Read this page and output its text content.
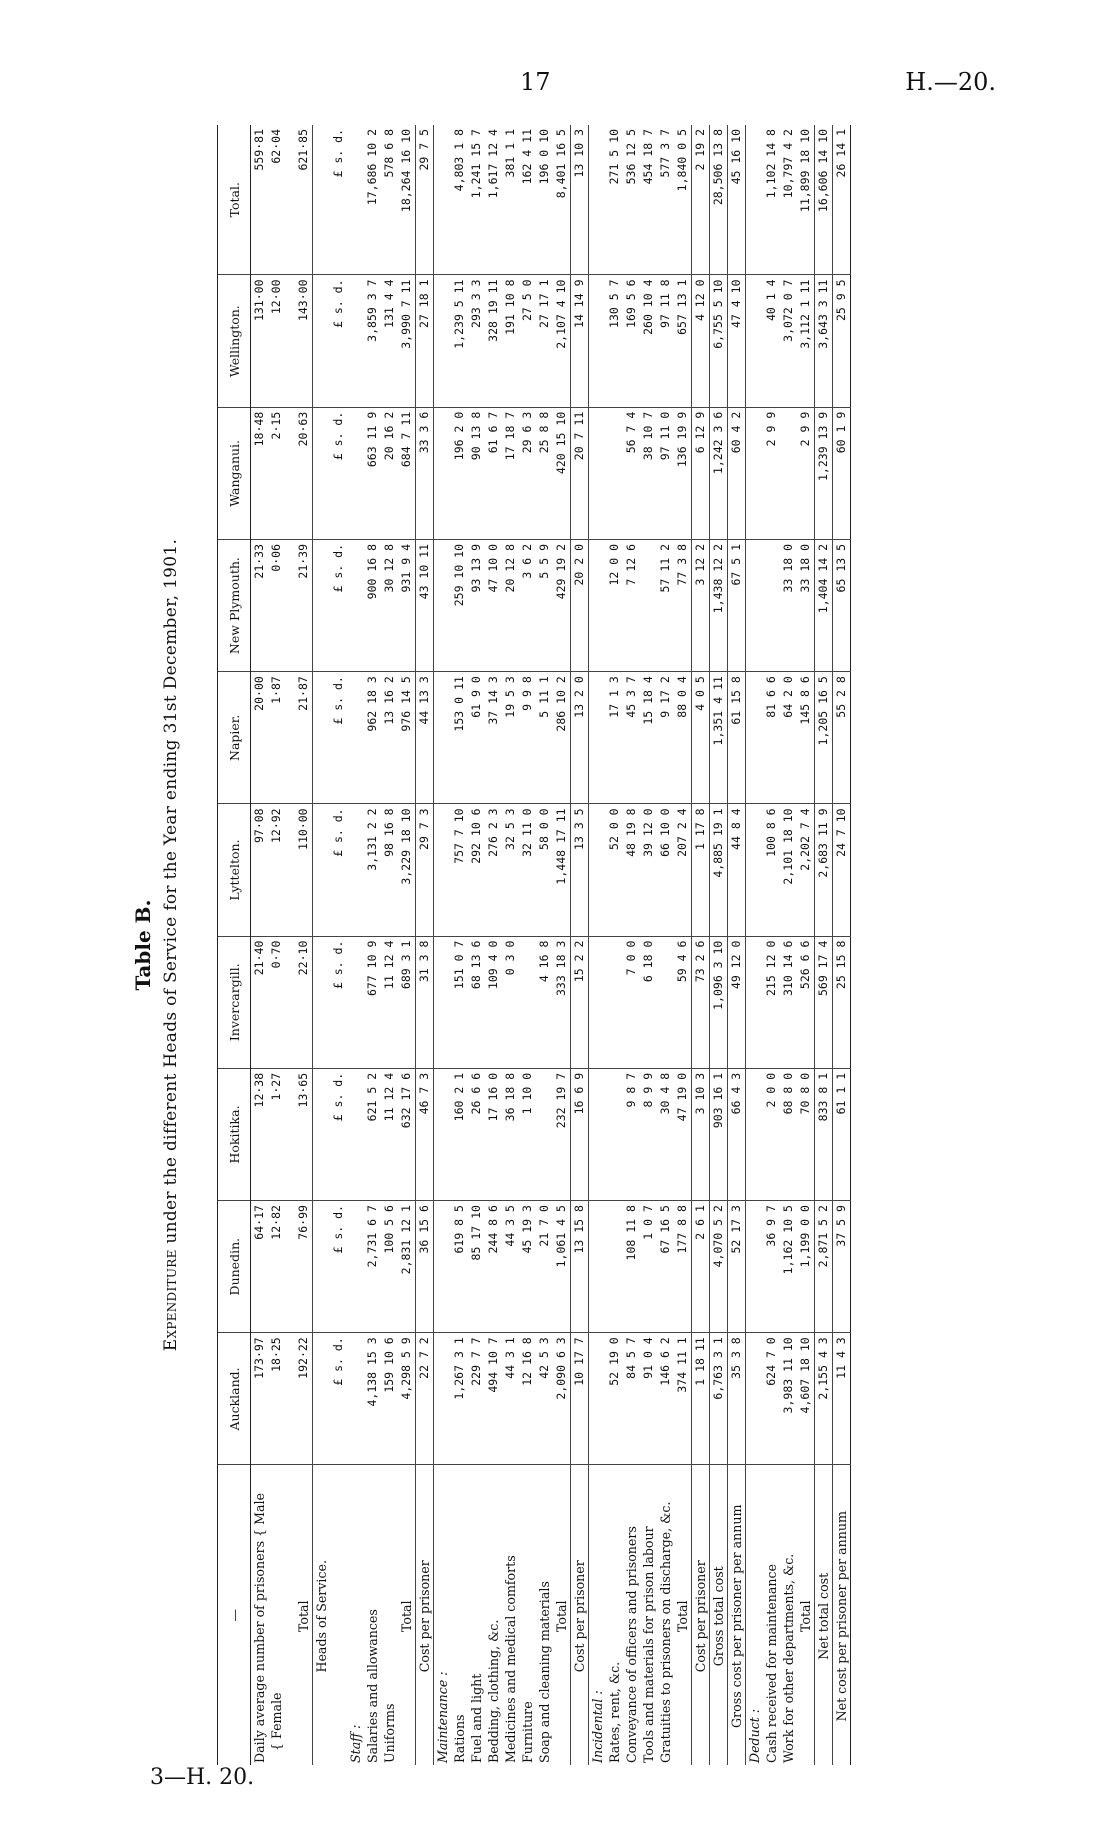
17	H.—20.
Table B.
Expenditure under the different Heads of Service for the Year ending 31st December, 1901.
—	Auckland.	Dunedin.	Hokitika.	Invercargill.	Lyttelton.	Napier.	New Plymouth.	Wanganui.	Wellington.	Total.
Daily average number of prisoners { Male	173·97	64·17	12·38	21·40	97·08	20·00	21·33	18·48	131·00	559·81
{ Female	18·25	12·82	1·27	0·70	12·92	1·87	0·06	2·15	12·00	62·04

Total	192·22	76·99	13·65	22·10	110·00	21·87	21·39	20·63	143·00	621·85
Heads of Service.										
	£ s. d.	£ s. d.	£ s. d.	£ s. d.	£ s. d.	£ s. d.	£ s. d.	£ s. d.	£ s. d.	£ s. d.
Staff :										
Salaries and allowances	4,138 15 3	2,731 6 7	621 5 2	677 10 9	3,131 2 2	962 18 3	900 16 8	663 11 9	3,859 3 7	17,686 10 2
Uniforms	159 10 6	100 5 6	11 12 4	11 12 4	98 16 8	13 16 2	30 12 8	20 16 2	131 4 4	578 6 8
Total	4,298 5 9	2,831 12 1	632 17 6	689 3 1	3,229 18 10	976 14 5	931 9 4	684 7 11	3,990 7 11	18,264 16 10
Cost per prisoner	22 7 2	36 15 6	46 7 3	31 3 8	29 7 3	44 13 3	43 10 11	33 3 6	27 18 1	29 7 5
Maintenance :										
Rations	1,267 3 1	619 8 5	160 2 1	151 0 7	757 7 10	153 0 11	259 10 10	196 2 0	1,239 5 11	4,803 1 8
Fuel and light	229 7 7	85 17 10	26 6 6	68 13 6	292 10 6	61 9 0	93 13 9	90 13 8	293 3 3	1,241 15 7
Bedding, clothing, &c.	494 10 7	244 8 6	17 16 0	109 4 0	276 2 3	37 14 3	47 10 0	61 6 7	328 19 11	1,617 12 4
Medicines and medical comforts	44 3 1	44 3 5	36 18 8	0 3 0	32 5 3	19 5 3	20 12 8	17 18 7	191 10 8	381 1 1
Furniture	12 16 8	45 19 3	1 10 0		32 11 0	9 9 8	3 6 2	29 6 3	27 5 0	162 4 11
Soap and cleaning materials	42 5 3	21 7 0		4 16 8	58 0 0	5 11 1	5 5 9	25 8 8	27 17 1	196 0 10
Total	2,090 6 3	1,061 4 5	232 19 7	333 18 3	1,448 17 11	286 10 2	429 19 2	420 15 10	2,107 4 10	8,401 16 5
Cost per prisoner	10 17 7	13 15 8	16 6 9	15 2 2	13 3 5	13 2 0	20 2 0	20 7 11	14 14 9	13 10 3
Incidental :										
Rates, rent, &c.	52 19 0				52 0 0	17 1 3	12 0 0		130 5 7	271 5 10
Conveyance of officers and prisoners	84 5 7	108 11 8	9 8 7	7 0 0	48 19 8	45 3 7	7 12 6	56 7 4	169 5 6	536 12 5
Tools and materials for prison labour	91 0 4	1 0 7	8 9 9	6 18 0	39 12 0	15 18 4		38 10 7	260 10 4	454 18 7
Gratuities to prisoners on discharge, &c.	146 6 2	67 16 5	30 4 8		66 10 0	9 17 2	57 11 2	97 11 0	97 11 8	577 3 7
Total	374 11 1	177 8 8	47 19 0	59 4 6	207 2 4	88 0 4	77 3 8	136 19 9	657 13 1	1,840 0 5
Cost per prisoner	1 18 11	2 6 1	3 10 3	73 2 6	1 17 8	4 0 5	3 12 2	6 12 9	4 12 0	2 19 2
Gross total cost	6,763 3 1	4,070 5 2	903 16 1	1,096 3 10	4,885 19 1	1,351 4 11	1,438 12 2	1,242 3 6	6,755 5 10	28,506 13 8
Gross cost per prisoner per annum	35 3 8	52 17 3	66 4 3	49 12 0	44 8 4	61 15 8	67 5 1	60 4 2	47 4 10	45 16 10
Deduct :										
Cash received for maintenance	624 7 0	36 9 7	2 0 0	215 12 0	100 8 6	81 6 6		2 9 9	40 1 4	1,102 14 8
Work for other departments, &c.	3,983 11 10	1,162 10 5	68 8 0	310 14 6	2,101 18 10	64 2 0	33 18 0		3,072 0 7	10,797 4 2
Total	4,607 18 10	1,199 0 0	70 8 0	526 6 6	2,202 7 4	145 8 6	33 18 0	2 9 9	3,112 1 11	11,899 18 10
Net total cost	2,155 4 3	2,871 5 2	833 8 1	569 17 4	2,683 11 9	1,205 16 5	1,404 14 2	1,239 13 9	3,643 3 11	16,606 14 10
Net cost per prisoner per annum	11 4 3	37 5 9	61 1 1	25 15 8	24 7 10	55 2 8	65 13 5	60 1 9	25 9 5	26 14 1
3—H. 20.
